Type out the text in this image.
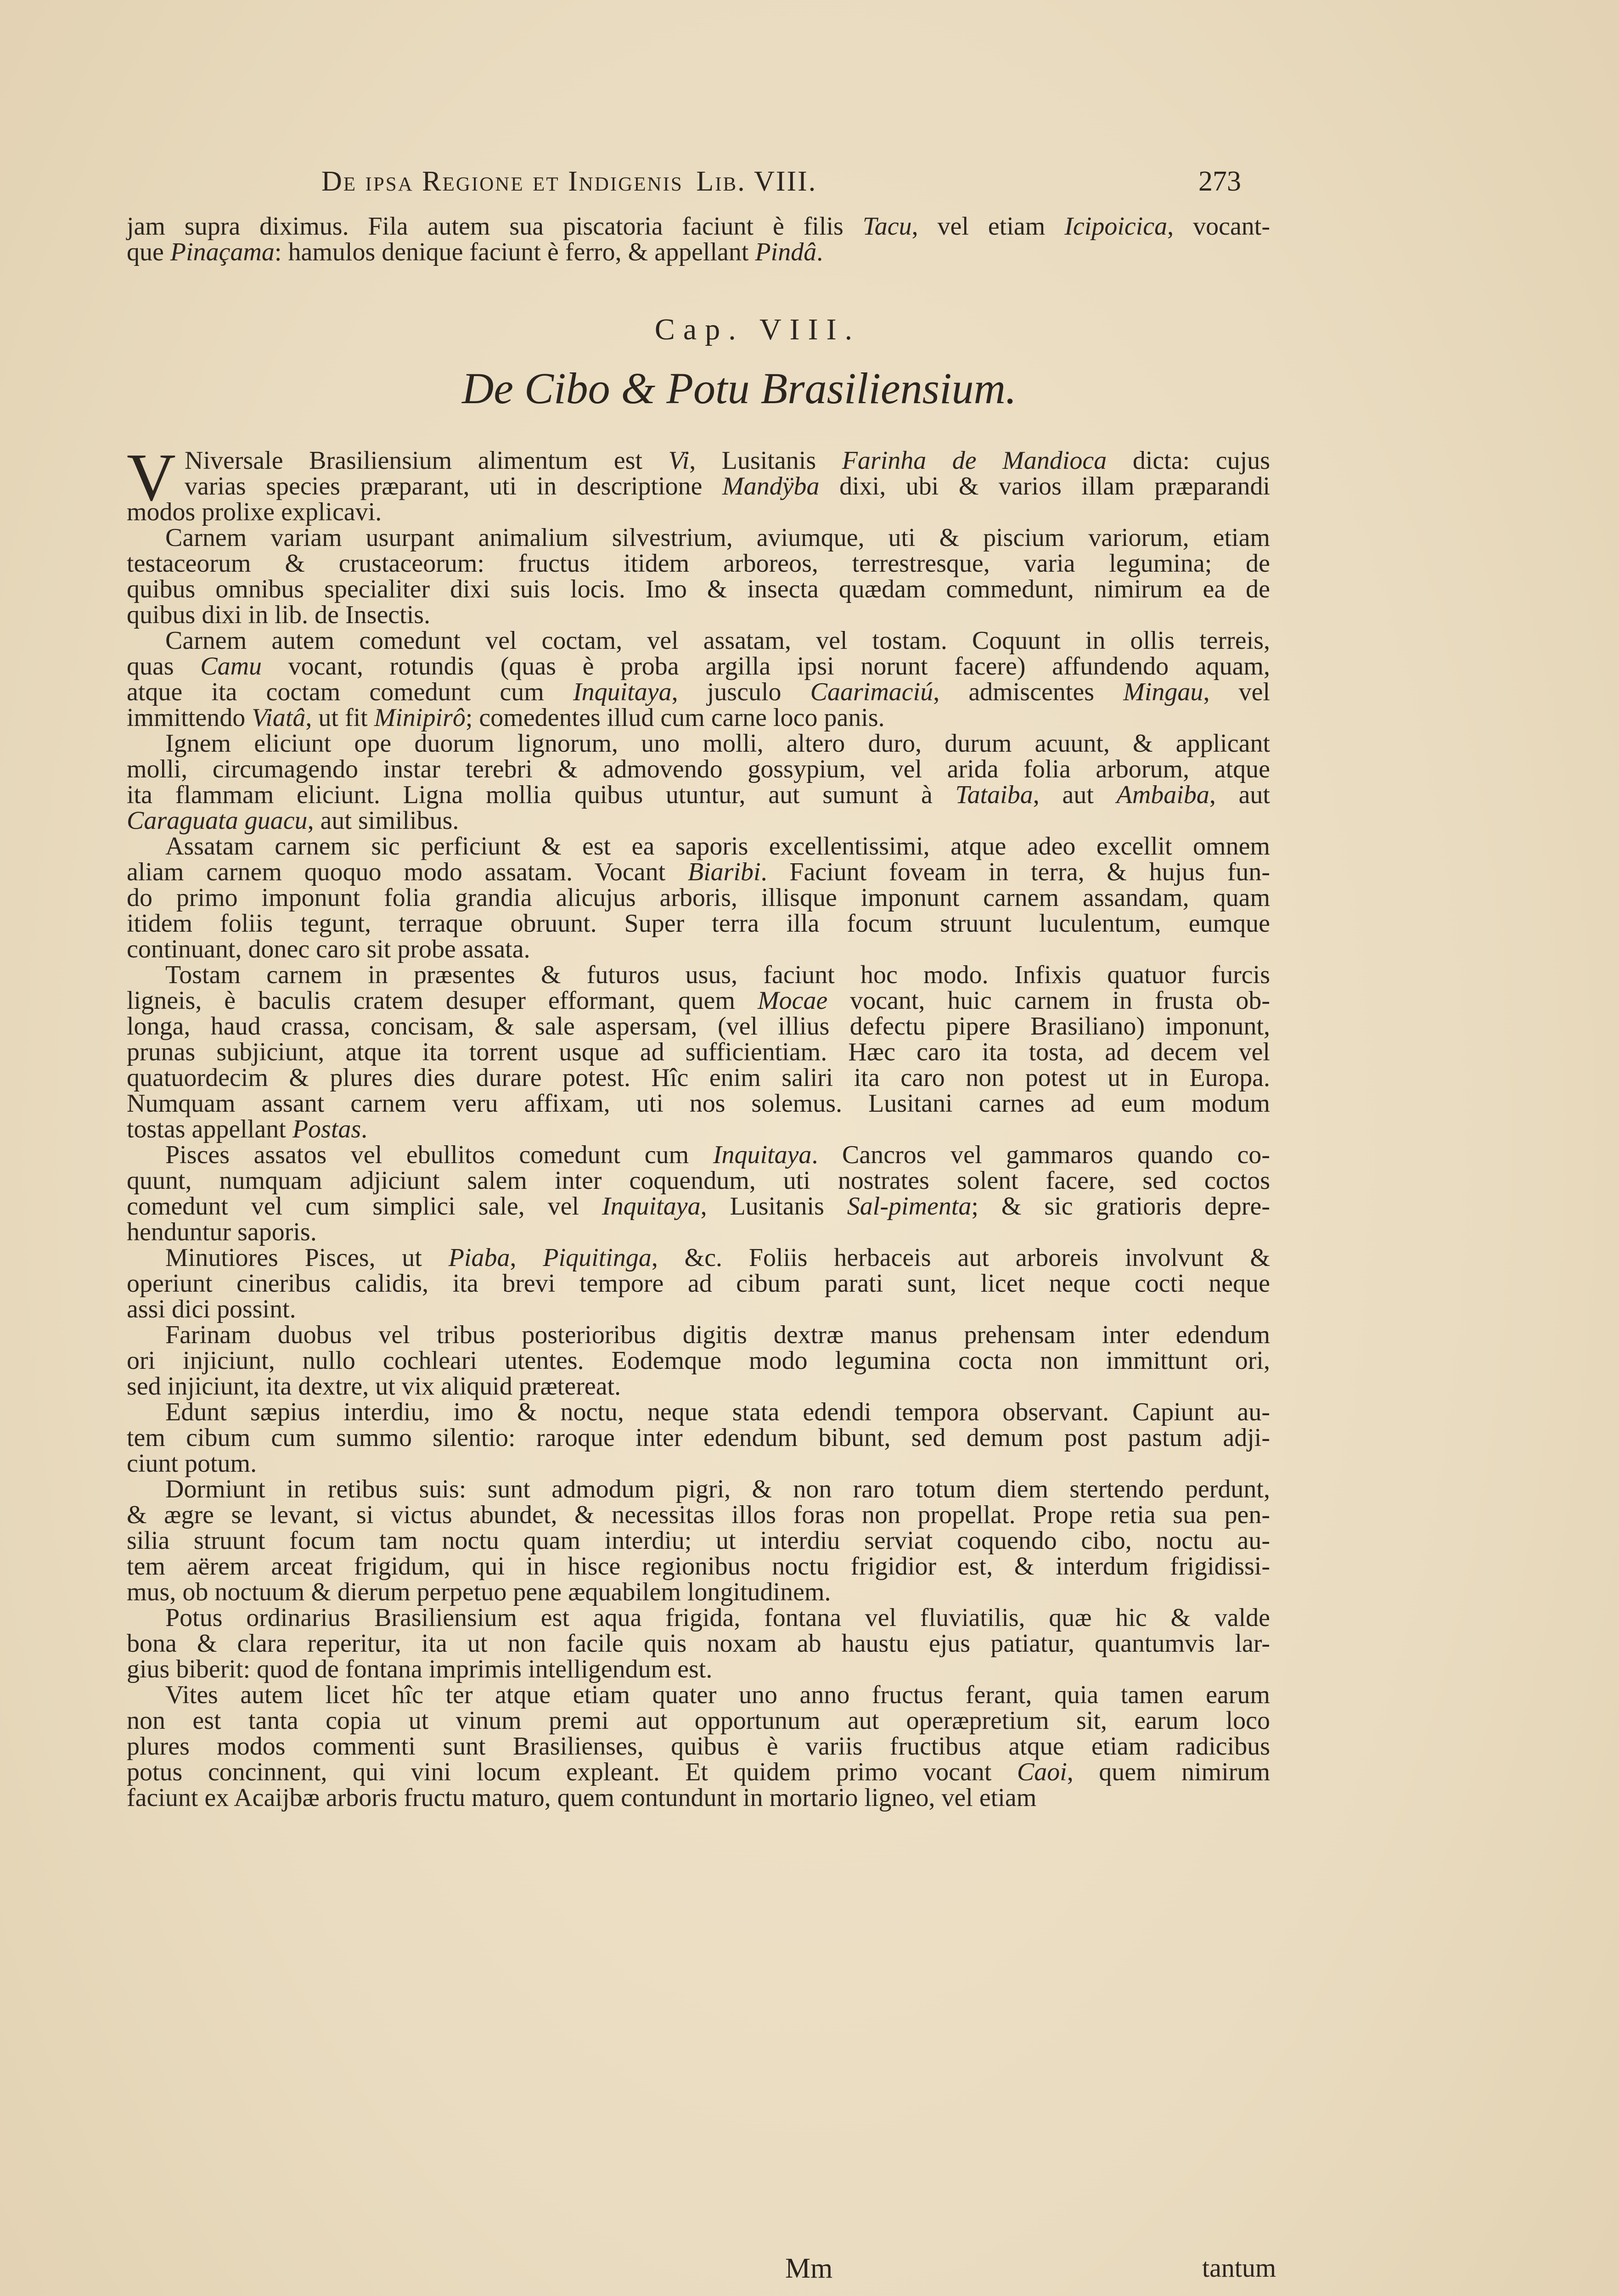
De ipsa Regione et Indigenis Lib. VIII.	273
jam supra diximus. Fila autem sua piscatoria faciunt è filis Tacu, vel etiam Icipoicica, vocant-
que Pinaçama: hamulos denique faciunt è ferro, & appellant Pindâ.
Cap. VIII.
De Cibo & Potu Brasiliensium.
V Niversale Brasiliensium alimentum est Vi, Lusitanis Farinha de Mandioca dicta: cujus
varias species præparant, uti in descriptione Mandÿba dixi, ubi & varios illam præparandi
modos prolixe explicavi.
Carnem variam usurpant animalium silvestrium, aviumque, uti & piscium variorum, etiam
testaceorum & crustaceorum: fructus itidem arboreos, terrestresque, varia legumina; de
quibus omnibus specialiter dixi suis locis. Imo & insecta quædam commedunt, nimirum ea de
quibus dixi in lib. de Insectis.
Carnem autem comedunt vel coctam, vel assatam, vel tostam. Coquunt in ollis terreis,
quas Camu vocant, rotundis (quas è proba argilla ipsi norunt facere) affundendo aquam,
atque ita coctam comedunt cum Inquitaya, jusculo Caarimaciú, admiscentes Mingau, vel
immittendo Viatâ, ut fit Minipirô; comedentes illud cum carne loco panis.
Ignem eliciunt ope duorum lignorum, uno molli, altero duro, durum acuunt, & applicant
molli, circumagendo instar terebri & admovendo gossypium, vel arida folia arborum, atque
ita flammam eliciunt. Ligna mollia quibus utuntur, aut sumunt à Tataiba, aut Ambaiba, aut
Caraguata guacu, aut similibus.
Assatam carnem sic perficiunt & est ea saporis excellentissimi, atque adeo excellit omnem
aliam carnem quoquo modo assatam. Vocant Biaribi. Faciunt foveam in terra, & hujus fun-
do primo imponunt folia grandia alicujus arboris, illisque imponunt carnem assandam, quam
itidem foliis tegunt, terraque obruunt. Super terra illa focum struunt luculentum, eumque
continuant, donec caro sit probe assata.
Tostam carnem in præsentes & futuros usus, faciunt hoc modo. Infixis quatuor furcis
ligneis, è baculis cratem desuper efformant, quem Mocae vocant, huic carnem in frusta ob-
longa, haud crassa, concisam, & sale aspersam, (vel illius defectu pipere Brasiliano) imponunt,
prunas subjiciunt, atque ita torrent usque ad sufficientiam. Hæc caro ita tosta, ad decem vel
quatuordecim & plures dies durare potest. Hîc enim saliri ita caro non potest ut in Europa.
Numquam assant carnem veru affixam, uti nos solemus. Lusitani carnes ad eum modum
tostas appellant Postas.
Pisces assatos vel ebullitos comedunt cum Inquitaya. Cancros vel gammaros quando co-
quunt, numquam adjiciunt salem inter coquendum, uti nostrates solent facere, sed coctos
comedunt vel cum simplici sale, vel Inquitaya, Lusitanis Sal-pimenta; & sic gratioris depre-
henduntur saporis.
Minutiores Pisces, ut Piaba, Piquitinga, &c. Foliis herbaceis aut arboreis involvunt &
operiunt cineribus calidis, ita brevi tempore ad cibum parati sunt, licet neque cocti neque
assi dici possint.
Farinam duobus vel tribus posterioribus digitis dextræ manus prehensam inter edendum
ori injiciunt, nullo cochleari utentes. Eodemque modo legumina cocta non immittunt ori,
sed injiciunt, ita dextre, ut vix aliquid prætereat.
Edunt sæpius interdiu, imo & noctu, neque stata edendi tempora observant. Capiunt au-
tem cibum cum summo silentio: raroque inter edendum bibunt, sed demum post pastum adji-
ciunt potum.
Dormiunt in retibus suis: sunt admodum pigri, & non raro totum diem stertendo perdunt,
& ægre se levant, si victus abundet, & necessitas illos foras non propellat. Prope retia sua pen-
silia struunt focum tam noctu quam interdiu; ut interdiu serviat coquendo cibo, noctu au-
tem aërem arceat frigidum, qui in hisce regionibus noctu frigidior est, & interdum frigidissi-
mus, ob noctuum & dierum perpetuo pene æquabilem longitudinem.
Potus ordinarius Brasiliensium est aqua frigida, fontana vel fluviatilis, quæ hic & valde
bona & clara reperitur, ita ut non facile quis noxam ab haustu ejus patiatur, quantumvis lar-
gius biberit: quod de fontana imprimis intelligendum est.
Vites autem licet hîc ter atque etiam quater uno anno fructus ferant, quia tamen earum
non est tanta copia ut vinum premi aut opportunum aut operæpretium sit, earum loco
plures modos commenti sunt Brasilienses, quibus è variis fructibus atque etiam radicibus
potus concinnent, qui vini locum expleant. Et quidem primo vocant Caoi, quem nimirum
faciunt ex Acaijbæ arboris fructu maturo, quem contundunt in mortario ligneo, vel etiam
Mm	tantum
